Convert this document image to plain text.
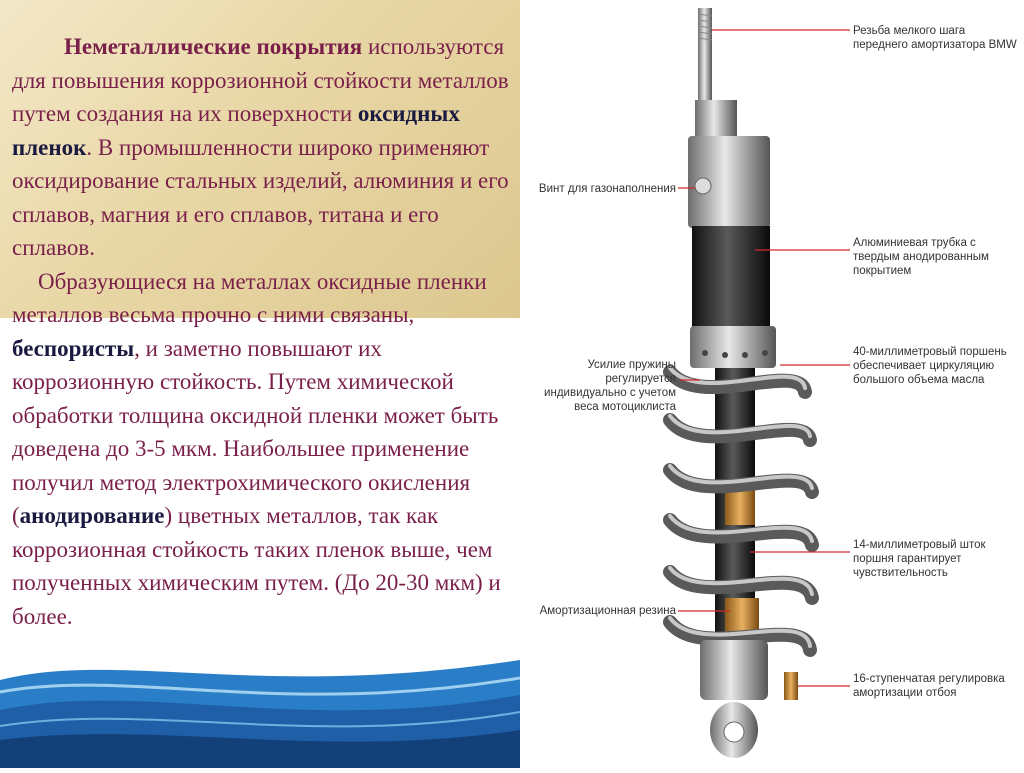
Неметаллические покрытия используются для повышения коррозионной стойкости металлов путем создания на их поверхности оксидных пленок. В промышленности широко применяют оксидирование стальных изделий, алюминия и его сплавов, магния и его сплавов, титана и его сплавов.

Образующиеся на металлах оксидные пленки металлов весьма прочно с ними связаны, беспористы, и заметно повышают их коррозионную стойкость. Путем химической обработки толщина оксидной пленки может быть доведена до 3-5 мкм. Наибольшее применение получил метод электрохимического окисления (анодирование) цветных металлов, так как коррозионная стойкость таких пленок выше, чем полученных химическим путем. (До 20-30 мкм) и более.

Резьба мелкого шага переднего амортизатора BMW
Винт для газонаполнения
Алюминиевая трубка с твердым анодированным покрытием
Усилие пружины регулируется индивидуально с учетом веса мотоциклиста
40-миллиметровый поршень обеспечивает циркуляцию большого объема масла
14-миллиметровый шток поршня гарантирует чувствительность
Амортизационная резина
16-ступенчатая регулировка амортизации отбоя
